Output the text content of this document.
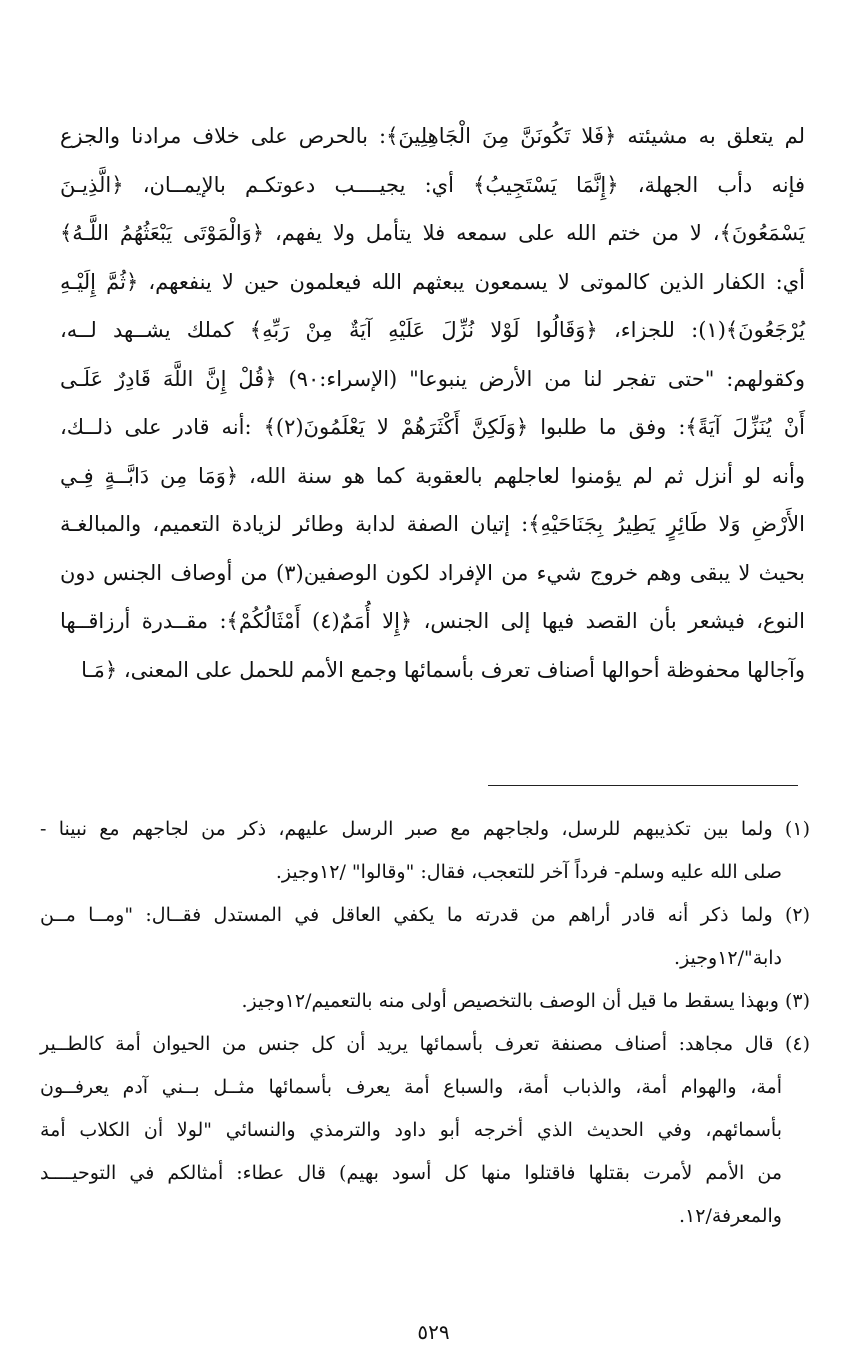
لم يتعلق به مشيئته ﴿فَلا تَكُونَنَّ مِنَ الْجَاهِلِينَ﴾: بالحرص على خلاف مرادنا والجزع
فإنه دأب الجهلة، ﴿إِنَّمَا يَسْتَجِيبُ﴾ أي: يجيــــب دعوتكـم بالإيمــان، ﴿الَّذِيـنَ
يَسْمَعُونَ﴾، لا من ختم الله على سمعه فلا يتأمل ولا يفهم، ﴿وَالْمَوْتَى يَبْعَثُهُمُ اللَّـهُ﴾
أي: الكفار الذين كالموتى لا يسمعون يبعثهم الله فيعلمون حين لا ينفعهم، ﴿ثُمَّ إِلَيْـهِ
يُرْجَعُونَ﴾(١): للجزاء، ﴿وَقَالُوا لَوْلا نُزِّلَ عَلَيْهِ آيَةٌ مِنْ رَبِّهِ﴾ كملك يشــهد لــه،
وكقولهم: "حتى تفجر لنا من الأرض ينبوعا" (الإسراء:٩٠) ﴿قُلْ إِنَّ اللَّهَ قَادِرٌ عَلَـى
أَنْ يُنَزِّلَ آيَةً﴾: وفق ما طلبوا ﴿وَلَكِنَّ أَكْثَرَهُمْ لا يَعْلَمُونَ(٢)﴾ :أنه قادر على ذلــك،
وأنه لو أنزل ثم لم يؤمنوا لعاجلهم بالعقوبة كما هو سنة الله، ﴿وَمَا مِن دَابَّــةٍ فِـي
الأَرْضِ وَلا طَائِرٍ يَطِيرُ بِجَنَاحَيْهِ﴾: إتيان الصفة لدابة وطائر لزيادة التعميم، والمبالغـة
بحيث لا يبقى وهم خروج شيء من الإفراد لكون الوصفين(٣) من أوصاف الجنس دون
النوع، فيشعر بأن القصد فيها إلى الجنس، ﴿إِلا أُمَمٌ(٤) أَمْثَالُكُمْ﴾: مقــدرة أرزاقــها
وآجالها محفوظة أحوالها أصناف تعرف بأسمائها وجمع الأمم للحمل على المعنى، ﴿مَـا
(١) ولما بين تكذيبهم للرسل، ولجاجهم مع صبر الرسل عليهم، ذكر من لجاجهم مع نبينا -
صلى الله عليه وسلم- فرداً آخر للتعجب، فقال: "وقالوا" /١٢وجيز.
(٢) ولما ذكر أنه قادر أراهم من قدرته ما يكفي العاقل في المستدل فقــال: "ومــا مــن
دابة"/١٢وجيز.
(٣) وبهذا يسقط ما قيل أن الوصف بالتخصيص أولى منه بالتعميم/١٢وجيز.
(٤) قال مجاهد: أصناف مصنفة تعرف بأسمائها يريد أن كل جنس من الحيوان أمة كالطــير
أمة، والهوام أمة، والذباب أمة، والسباع أمة يعرف بأسمائها مثــل بــني آدم يعرفــون
بأسمائهم، وفي الحديث الذي أخرجه أبو داود والترمذي والنسائي "لولا أن الكلاب أمة
من الأمم لأمرت بقتلها فاقتلوا منها كل أسود بهيم) قال عطاء: أمثالكم في التوحيــــد
والمعرفة/١٢.
٥٢٩
